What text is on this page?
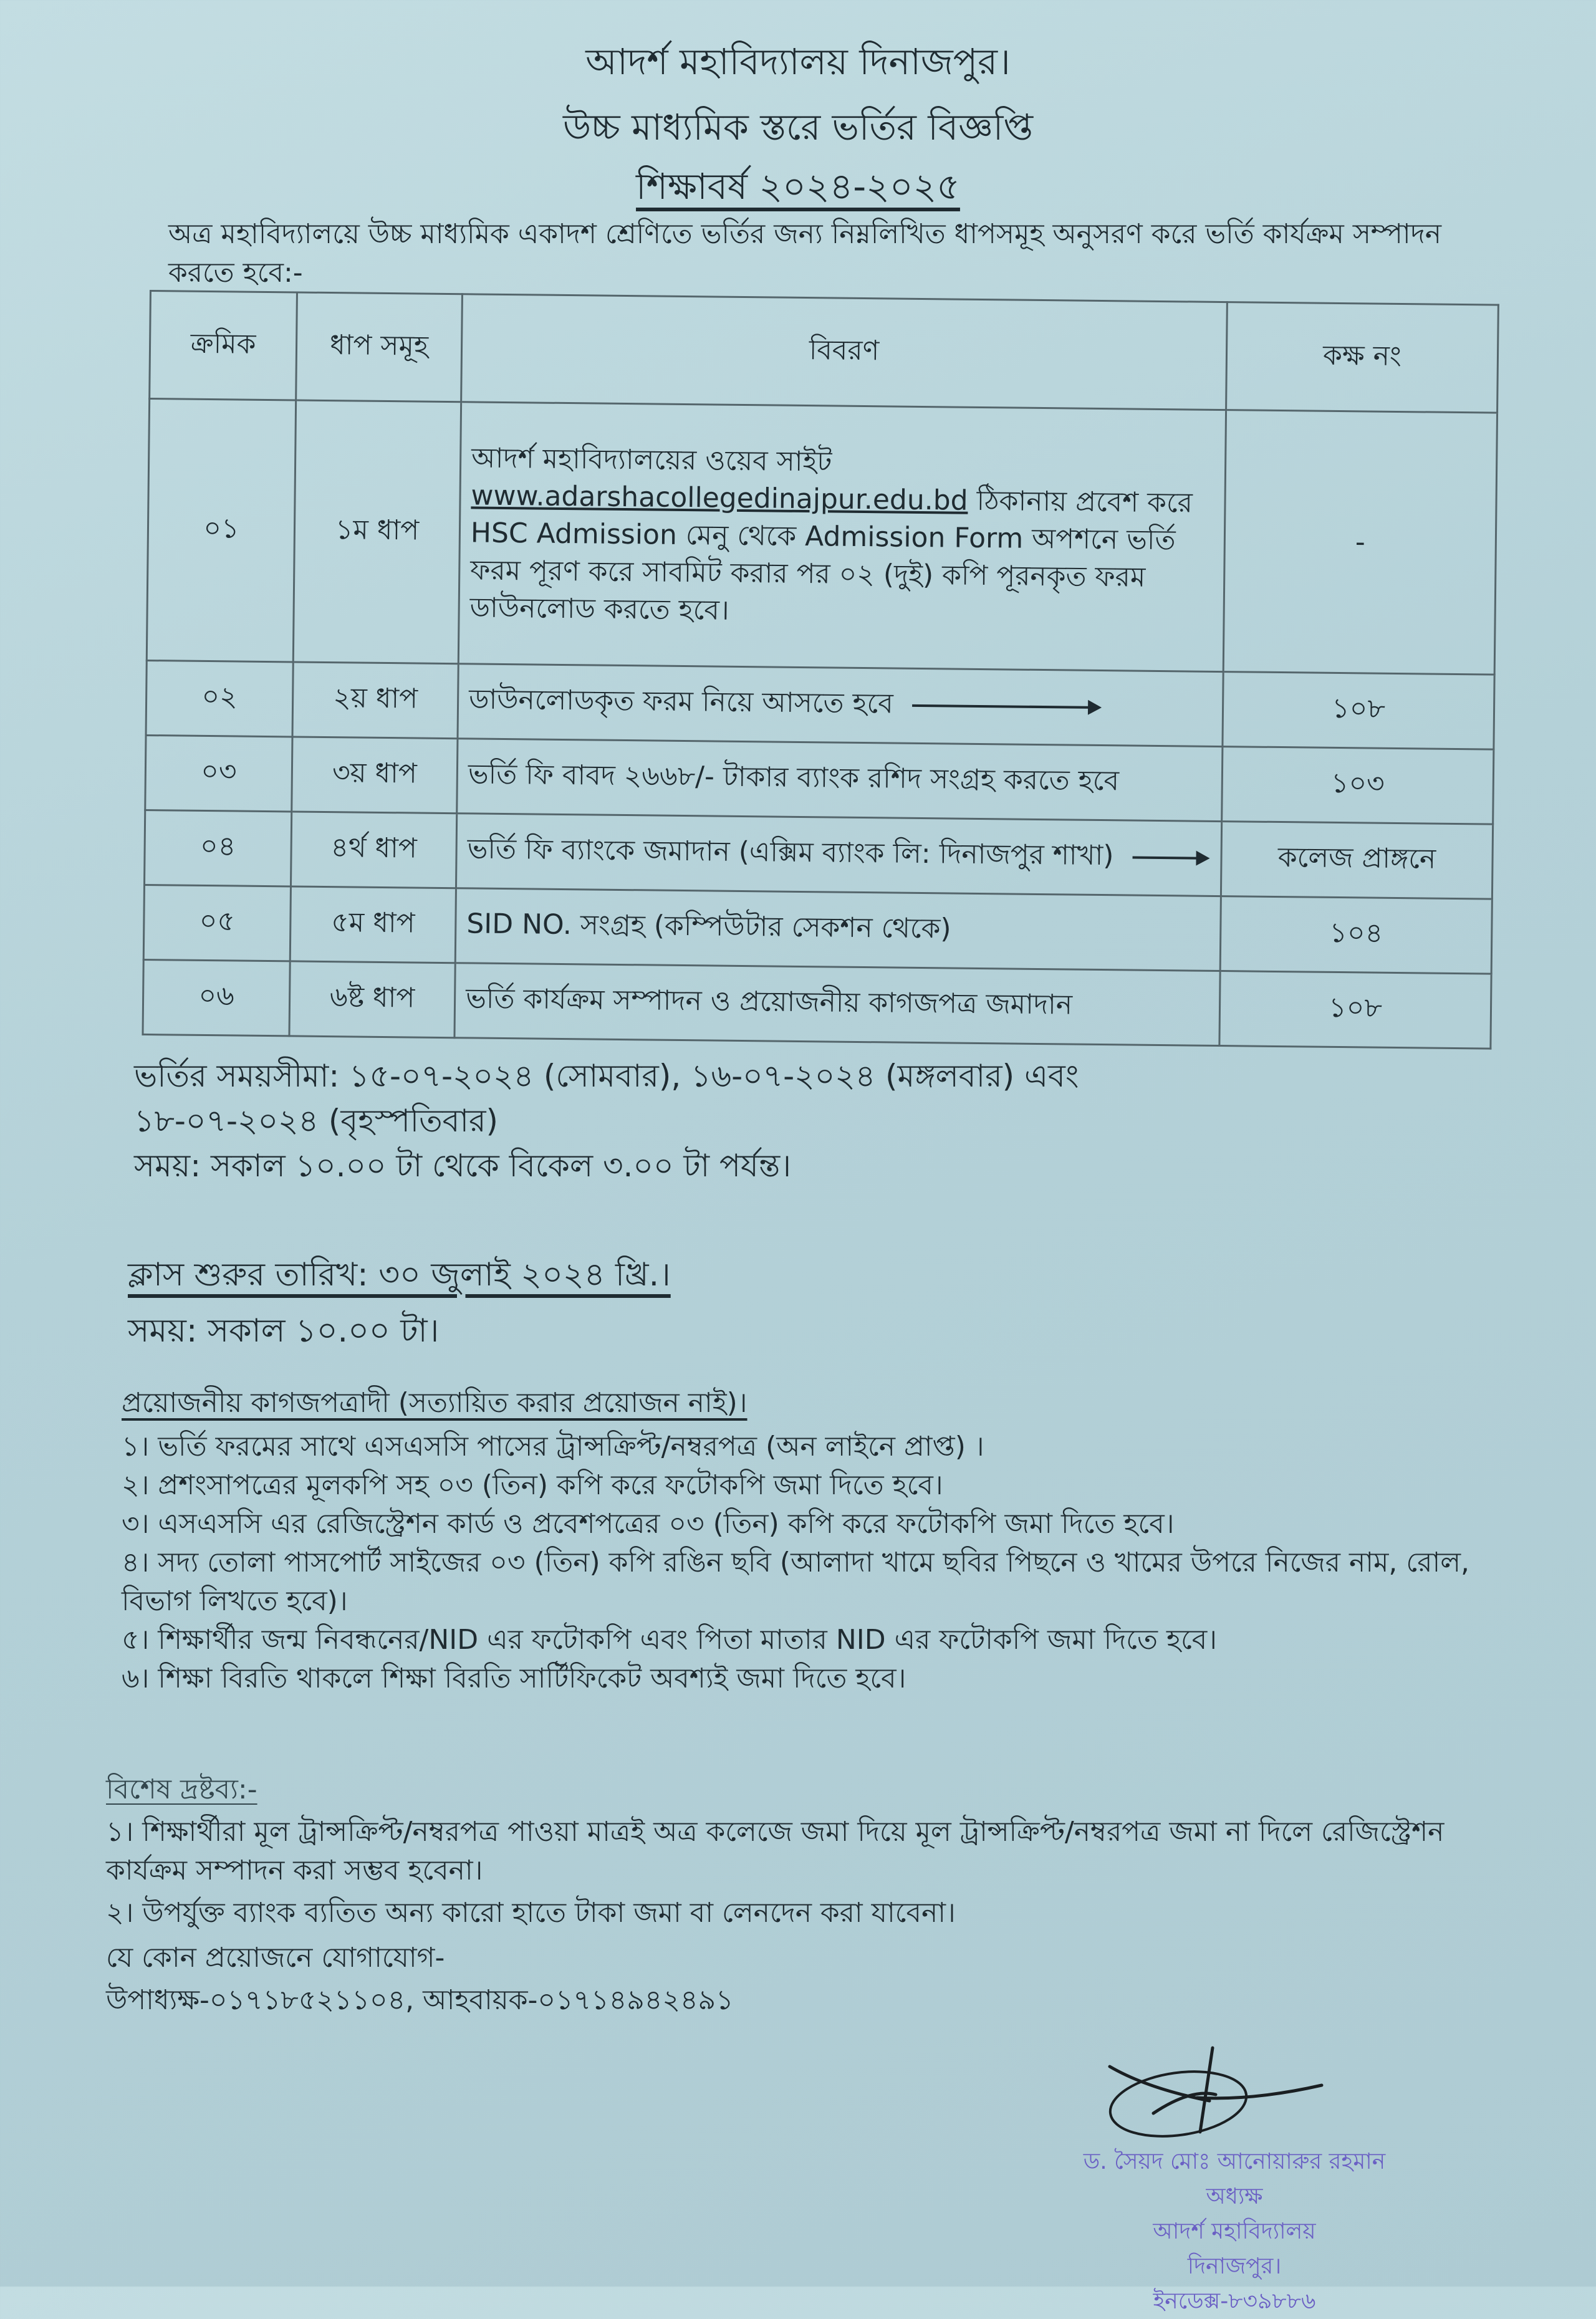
আদর্শ মহাবিদ্যালয় দিনাজপুর।
উচ্চ মাধ্যমিক স্তরে ভর্তির বিজ্ঞপ্তি
শিক্ষাবর্ষ ২০২৪-২০২৫
অত্র মহাবিদ্যালয়ে উচ্চ মাধ্যমিক একাদশ শ্রেণিতে ভর্তির জন্য নিম্নলিখিত ধাপসমূহ অনুসরণ করে ভর্তি কার্যক্রম সম্পাদন করতে হবে:-
ক্রমিক	ধাপ সমূহ	বিবরণ	কক্ষ নং
০১	১ম ধাপ	আদর্শ মহাবিদ্যালয়ের ওয়েব সাইট
www.adarshacollegedinajpur.edu.bd ঠিকানায় প্রবেশ করে HSC Admission মেনু থেকে Admission Form অপশনে ভর্তি ফরম পূরণ করে সাবমিট করার পর ০২ (দুই) কপি পূরনকৃত ফরম ডাউনলোড করতে হবে।	-
০২	২য় ধাপ	ডাউনলোডকৃত ফরম নিয়ে আসতে হবে	১০৮
০৩	৩য় ধাপ	ভর্তি ফি বাবদ ২৬৬৮/- টাকার ব্যাংক রশিদ সংগ্রহ করতে হবে	১০৩
০৪	৪র্থ ধাপ	ভর্তি ফি ব্যাংকে জমাদান (এক্সিম ব্যাংক লি: দিনাজপুর শাখা)	কলেজ প্রাঙ্গনে
০৫	৫ম ধাপ	SID NO. সংগ্রহ (কম্পিউটার সেকশন থেকে)	১০৪
০৬	৬ষ্ট ধাপ	ভর্তি কার্যক্রম সম্পাদন ও প্রয়োজনীয় কাগজপত্র জমাদান	১০৮
ভর্তির সময়সীমা: ১৫-০৭-২০২৪ (সোমবার), ১৬-০৭-২০২৪ (মঙ্গলবার) এবং
১৮-০৭-২০২৪ (বৃহস্পতিবার)
সময়: সকাল ১০.০০ টা থেকে বিকেল ৩.০০ টা পর্যন্ত।
ক্লাস শুরুর তারিখ: ৩০ জুলাই ২০২৪ খ্রি.।
সময়: সকাল ১০.০০ টা।
প্রয়োজনীয় কাগজপত্রাদী (সত্যায়িত করার প্রয়োজন নাই)।
১। ভর্তি ফরমের সাথে এসএসসি পাসের ট্রান্সক্রিপ্ট/নম্বরপত্র (অন লাইনে প্রাপ্ত) ।
২। প্রশংসাপত্রের মূলকপি সহ ০৩ (তিন) কপি করে ফটোকপি জমা দিতে হবে।
৩। এসএসসি এর রেজিস্ট্রেশন কার্ড ও প্রবেশপত্রের ০৩ (তিন) কপি করে ফটোকপি জমা দিতে হবে।
৪। সদ্য তোলা পাসপোর্ট সাইজের ০৩ (তিন) কপি রঙিন ছবি (আলাদা খামে ছবির পিছনে ও খামের উপরে নিজের নাম, রোল, বিভাগ লিখতে হবে)।
৫। শিক্ষার্থীর জন্ম নিবন্ধনের/NID এর ফটোকপি এবং পিতা মাতার NID এর ফটোকপি জমা দিতে হবে।
৬। শিক্ষা বিরতি থাকলে শিক্ষা বিরতি সার্টিফিকেট অবশ্যই জমা দিতে হবে।
বিশেষ দ্রষ্টব্য:-
১। শিক্ষার্থীরা মূল ট্রান্সক্রিপ্ট/নম্বরপত্র পাওয়া মাত্রই অত্র কলেজে জমা দিয়ে মূল ট্রান্সক্রিপ্ট/নম্বরপত্র জমা না দিলে রেজিস্ট্রেশন কার্যক্রম সম্পাদন করা সম্ভব হবেনা।
২। উপর্যুক্ত ব্যাংক ব্যতিত অন্য কারো হাতে টাকা জমা বা লেনদেন করা যাবেনা।
যে কোন প্রয়োজনে যোগাযোগ-
উপাধ্যক্ষ-০১৭১৮৫২১১০৪, আহবায়ক-০১৭১৪৯৪২৪৯১
ড. সৈয়দ মোঃ আনোয়ারুর রহমান
অধ্যক্ষ
আদর্শ মহাবিদ্যালয়
দিনাজপুর।
ইনডেক্স-৮৩৯৮৮৬
